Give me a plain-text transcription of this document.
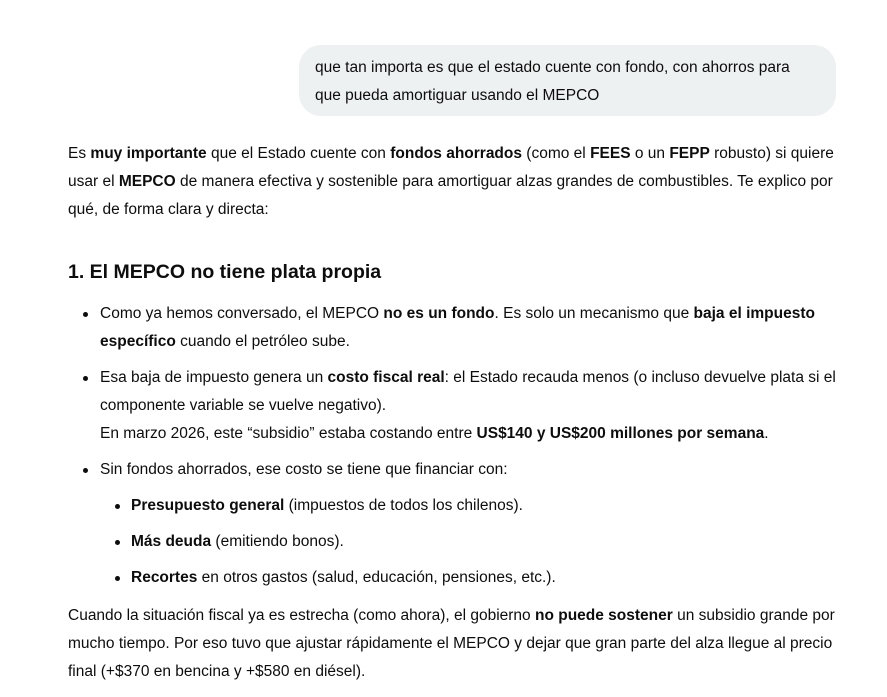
que tan importa es que el estado cuente con fondo, con ahorros para
que pueda amortiguar usando el MEPCO

Es muy importante que el Estado cuente con fondos ahorrados (como el FEES o un FEPP robusto) si quiere usar el MEPCO de manera efectiva y sostenible para amortiguar alzas grandes de combustibles. Te explico por qué, de forma clara y directa:

1. El MEPCO no tiene plata propia
Como ya hemos conversado, el MEPCO no es un fondo. Es solo un mecanismo que baja el impuesto específico cuando el petróleo sube.
Esa baja de impuesto genera un costo fiscal real: el Estado recauda menos (o incluso devuelve plata si el componente variable se vuelve negativo).
En marzo 2026, este “subsidio” estaba costando entre US$140 y US$200 millones por semana.
Sin fondos ahorrados, ese costo se tiene que financiar con:
Presupuesto general (impuestos de todos los chilenos).
Más deuda (emitiendo bonos).
Recortes en otros gastos (salud, educación, pensiones, etc.).

Cuando la situación fiscal ya es estrecha (como ahora), el gobierno no puede sostener un subsidio grande por mucho tiempo. Por eso tuvo que ajustar rápidamente el MEPCO y dejar que gran parte del alza llegue al precio final (+$370 en bencina y +$580 en diésel).
